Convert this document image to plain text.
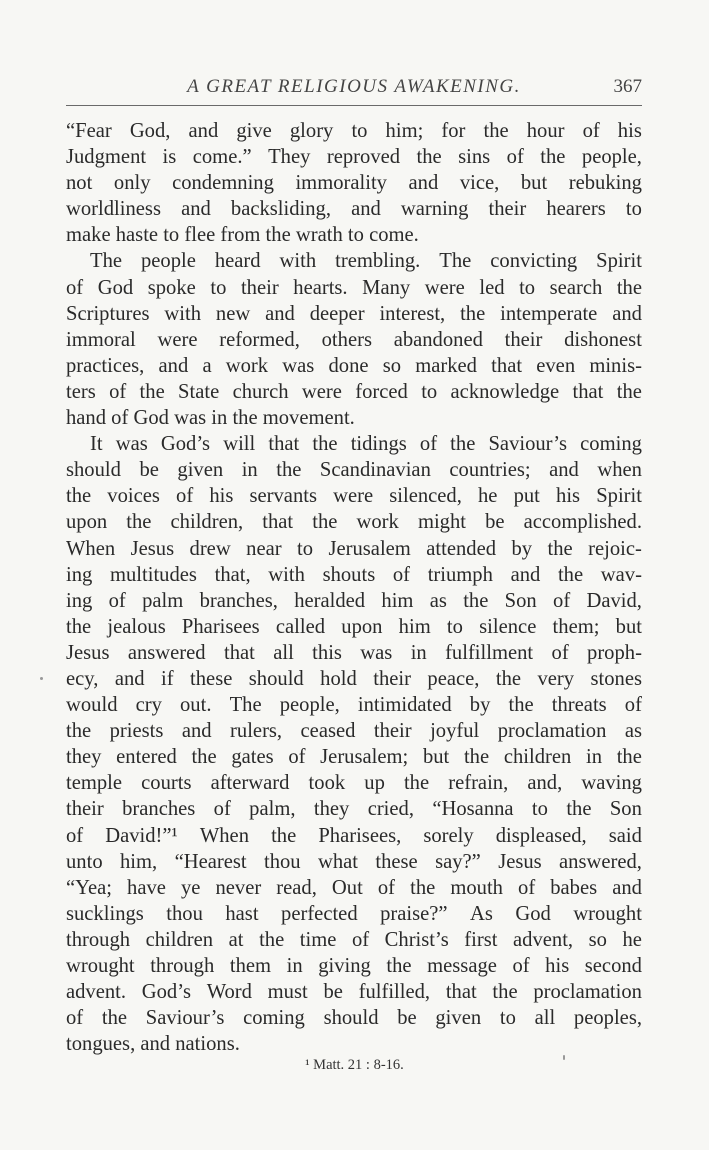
A GREAT RELIGIOUS AWAKENING.	367
“Fear God, and give glory to him; for the hour of his
Judgment is come.” They reproved the sins of the people,
not only condemning immorality and vice, but rebuking
worldliness and backsliding, and warning their hearers to
make haste to flee from the wrath to come.
The people heard with trembling. The convicting Spirit
of God spoke to their hearts. Many were led to search the
Scriptures with new and deeper interest, the intemperate and
immoral were reformed, others abandoned their dishonest
practices, and a work was done so marked that even minis-
ters of the State church were forced to acknowledge that the
hand of God was in the movement.
It was God’s will that the tidings of the Saviour’s coming
should be given in the Scandinavian countries; and when
the voices of his servants were silenced, he put his Spirit
upon the children, that the work might be accomplished.
When Jesus drew near to Jerusalem attended by the rejoic-
ing multitudes that, with shouts of triumph and the wav-
ing of palm branches, heralded him as the Son of David,
the jealous Pharisees called upon him to silence them; but
Jesus answered that all this was in fulfillment of proph-
ecy, and if these should hold their peace, the very stones
would cry out. The people, intimidated by the threats of
the priests and rulers, ceased their joyful proclamation as
they entered the gates of Jerusalem; but the children in the
temple courts afterward took up the refrain, and, waving
their branches of palm, they cried, “Hosanna to the Son
of David!”¹ When the Pharisees, sorely displeased, said
unto him, “Hearest thou what these say?” Jesus answered,
“Yea; have ye never read, Out of the mouth of babes and
sucklings thou hast perfected praise?” As God wrought
through children at the time of Christ’s first advent, so he
wrought through them in giving the message of his second
advent. God’s Word must be fulfilled, that the proclamation
of the Saviour’s coming should be given to all peoples,
tongues, and nations.
¹ Matt. 21 : 8-16.
